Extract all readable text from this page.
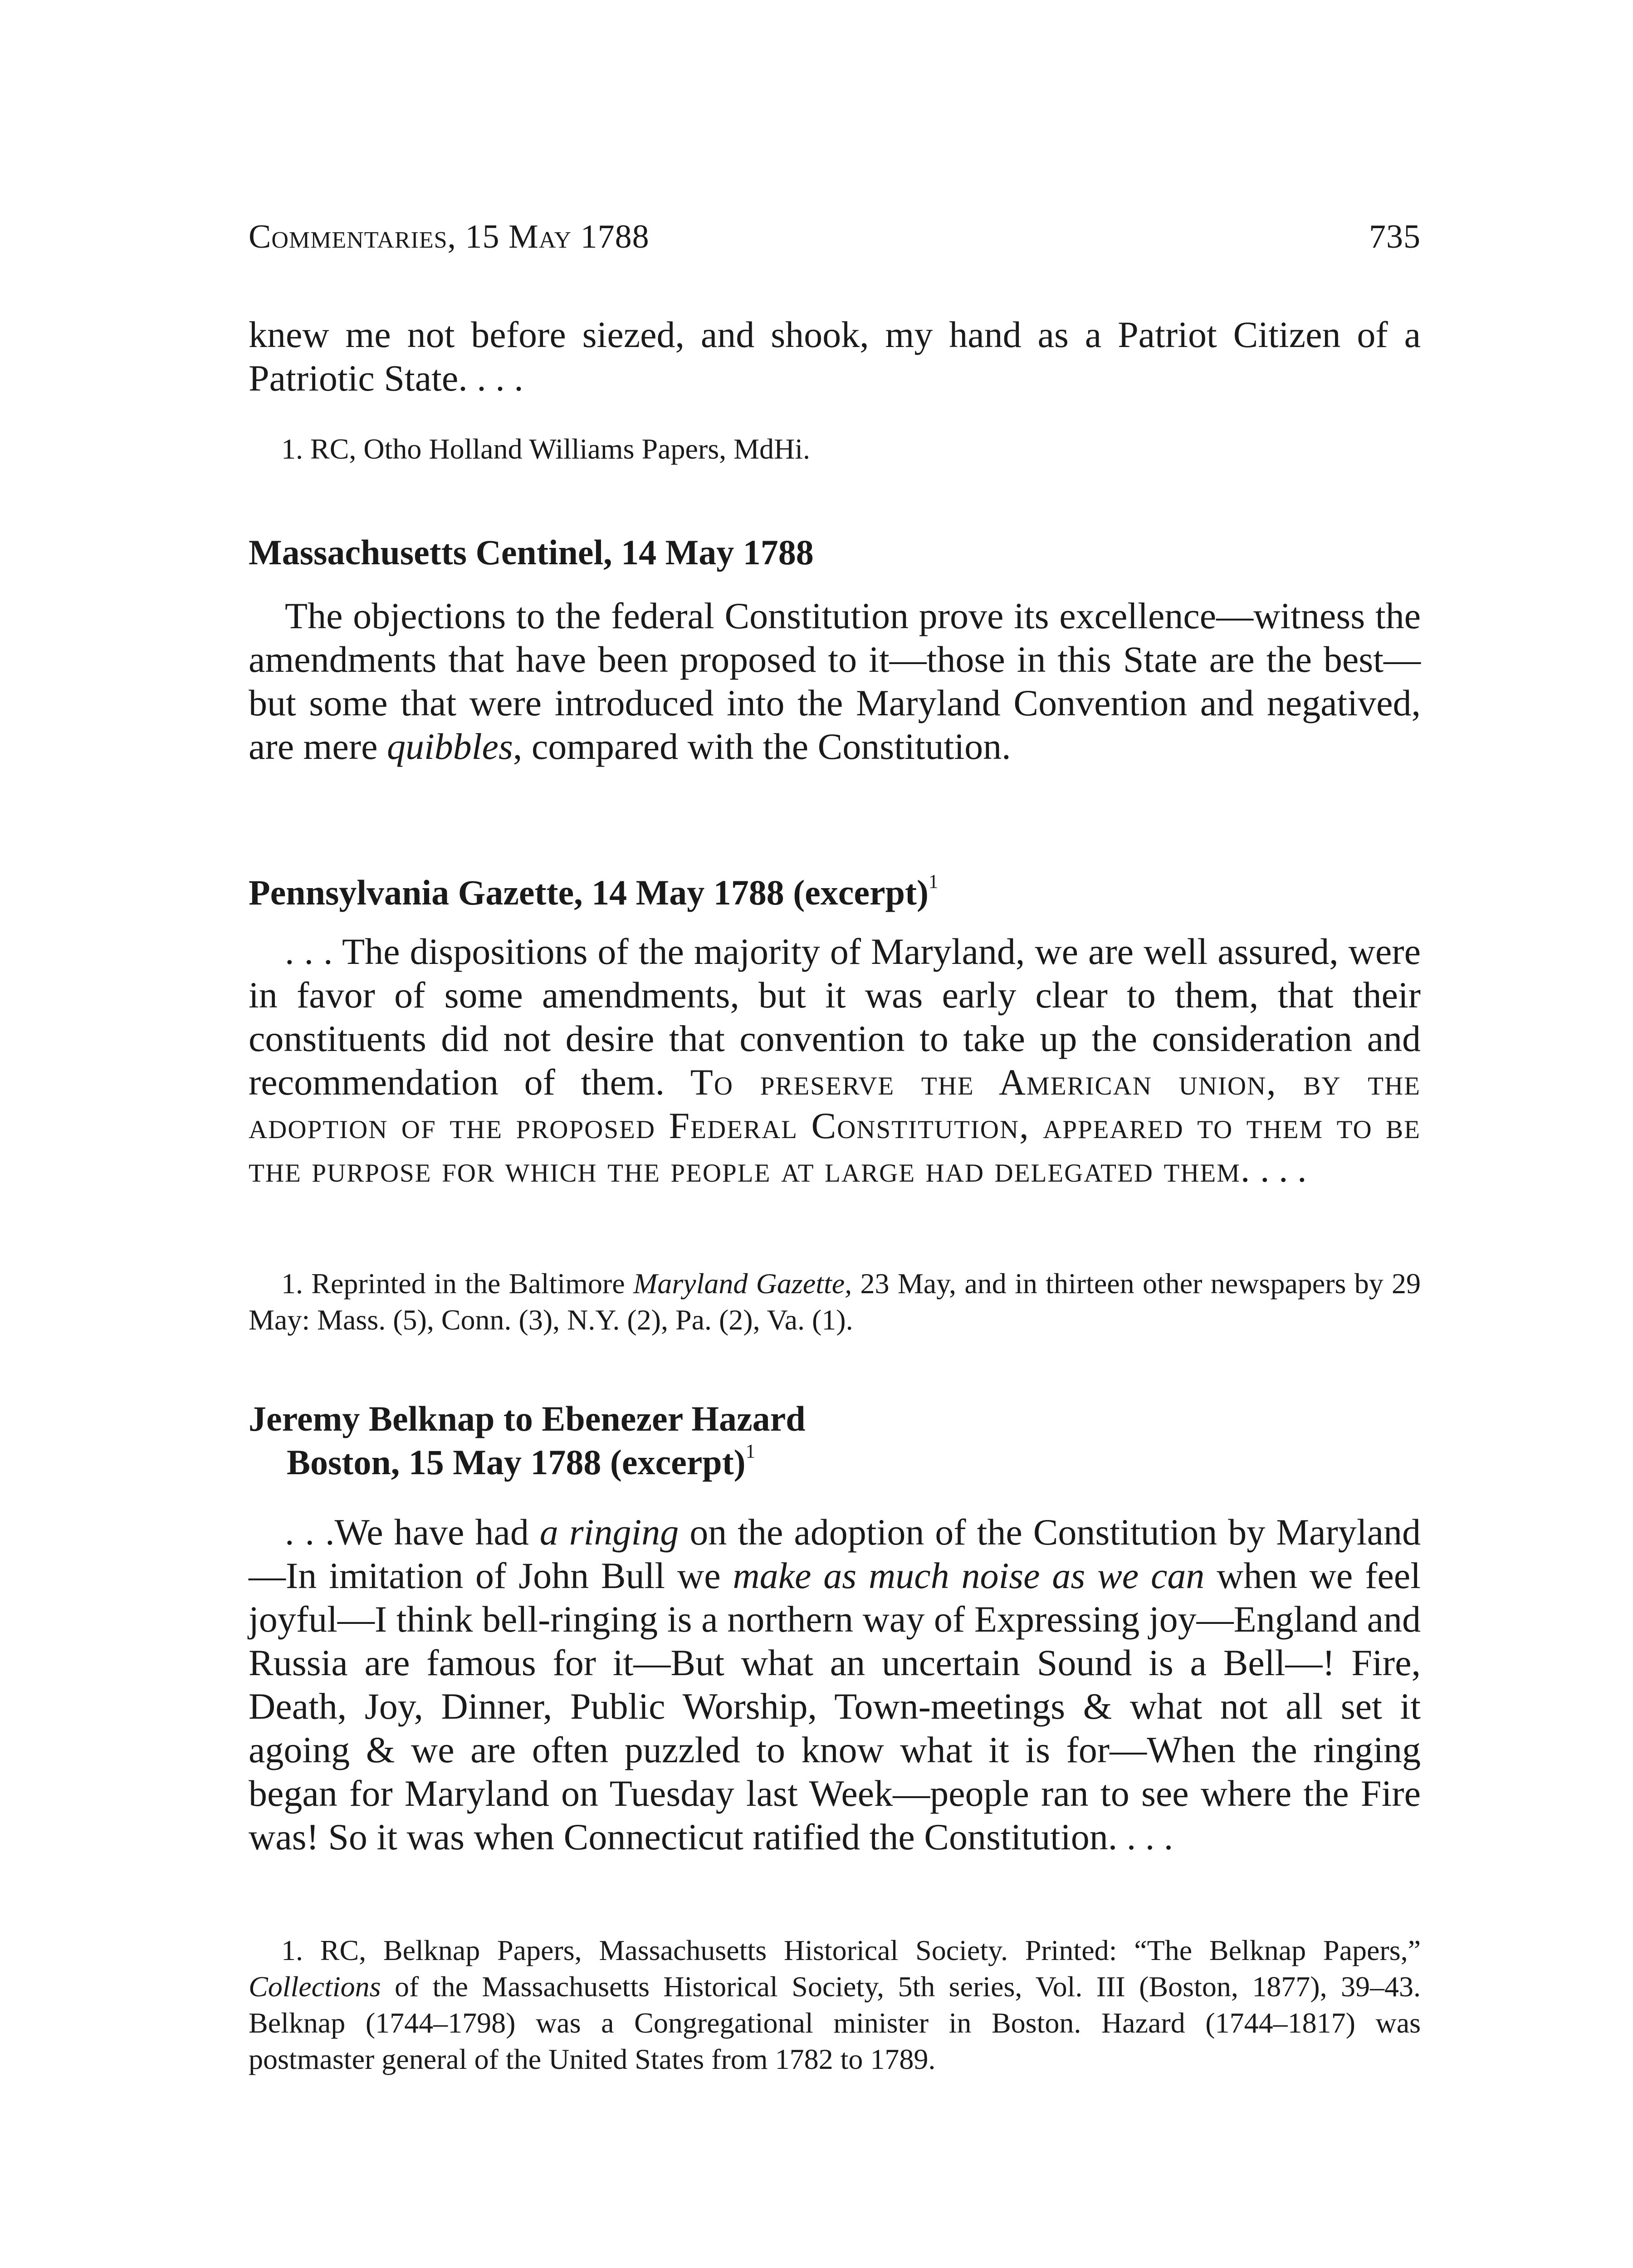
Commentaries, 15 May 1788	735

knew me not before siezed, and shook, my hand as a Patriot Citizen of a Patriotic State. . . .

1. RC, Otho Holland Williams Papers, MdHi.

Massachusetts Centinel, 14 May 1788

The objections to the federal Constitution prove its excellence—witness the amendments that have been proposed to it—those in this State are the best—but some that were introduced into the Maryland Convention and negatived, are mere quibbles, compared with the Constitution.

Pennsylvania Gazette, 14 May 1788 (excerpt)$^1$

. . . The dispositions of the majority of Maryland, we are well assured, were in favor of some amendments, but it was early clear to them, that their constituents did not desire that convention to take up the consideration and recommendation of them. To preserve the American union, by the adoption of the proposed Federal Constitution, appeared to them to be the purpose for which the people at large had delegated them. . . .

1. Reprinted in the Baltimore Maryland Gazette, 23 May, and in thirteen other newspapers by 29 May: Mass. (5), Conn. (3), N.Y. (2), Pa. (2), Va. (1).

Jeremy Belknap to Ebenezer Hazard
Boston, 15 May 1788 (excerpt)$^1$

. . .We have had a ringing on the adoption of the Constitution by Maryland—In imitation of John Bull we make as much noise as we can when we feel joyful—I think bell-ringing is a northern way of Expressing joy—England and Russia are famous for it—But what an uncertain Sound is a Bell—! Fire, Death, Joy, Dinner, Public Worship, Town-meetings & what not all set it agoing & we are often puzzled to know what it is for—When the ringing began for Maryland on Tuesday last Week—people ran to see where the Fire was! So it was when Connecticut ratified the Constitution. . . .

1. RC, Belknap Papers, Massachusetts Historical Society. Printed: “The Belknap Papers,” Collections of the Massachusetts Historical Society, 5th series, Vol. III (Boston, 1877), 39–43. Belknap (1744–1798) was a Congregational minister in Boston. Hazard (1744–1817) was postmaster general of the United States from 1782 to 1789.
